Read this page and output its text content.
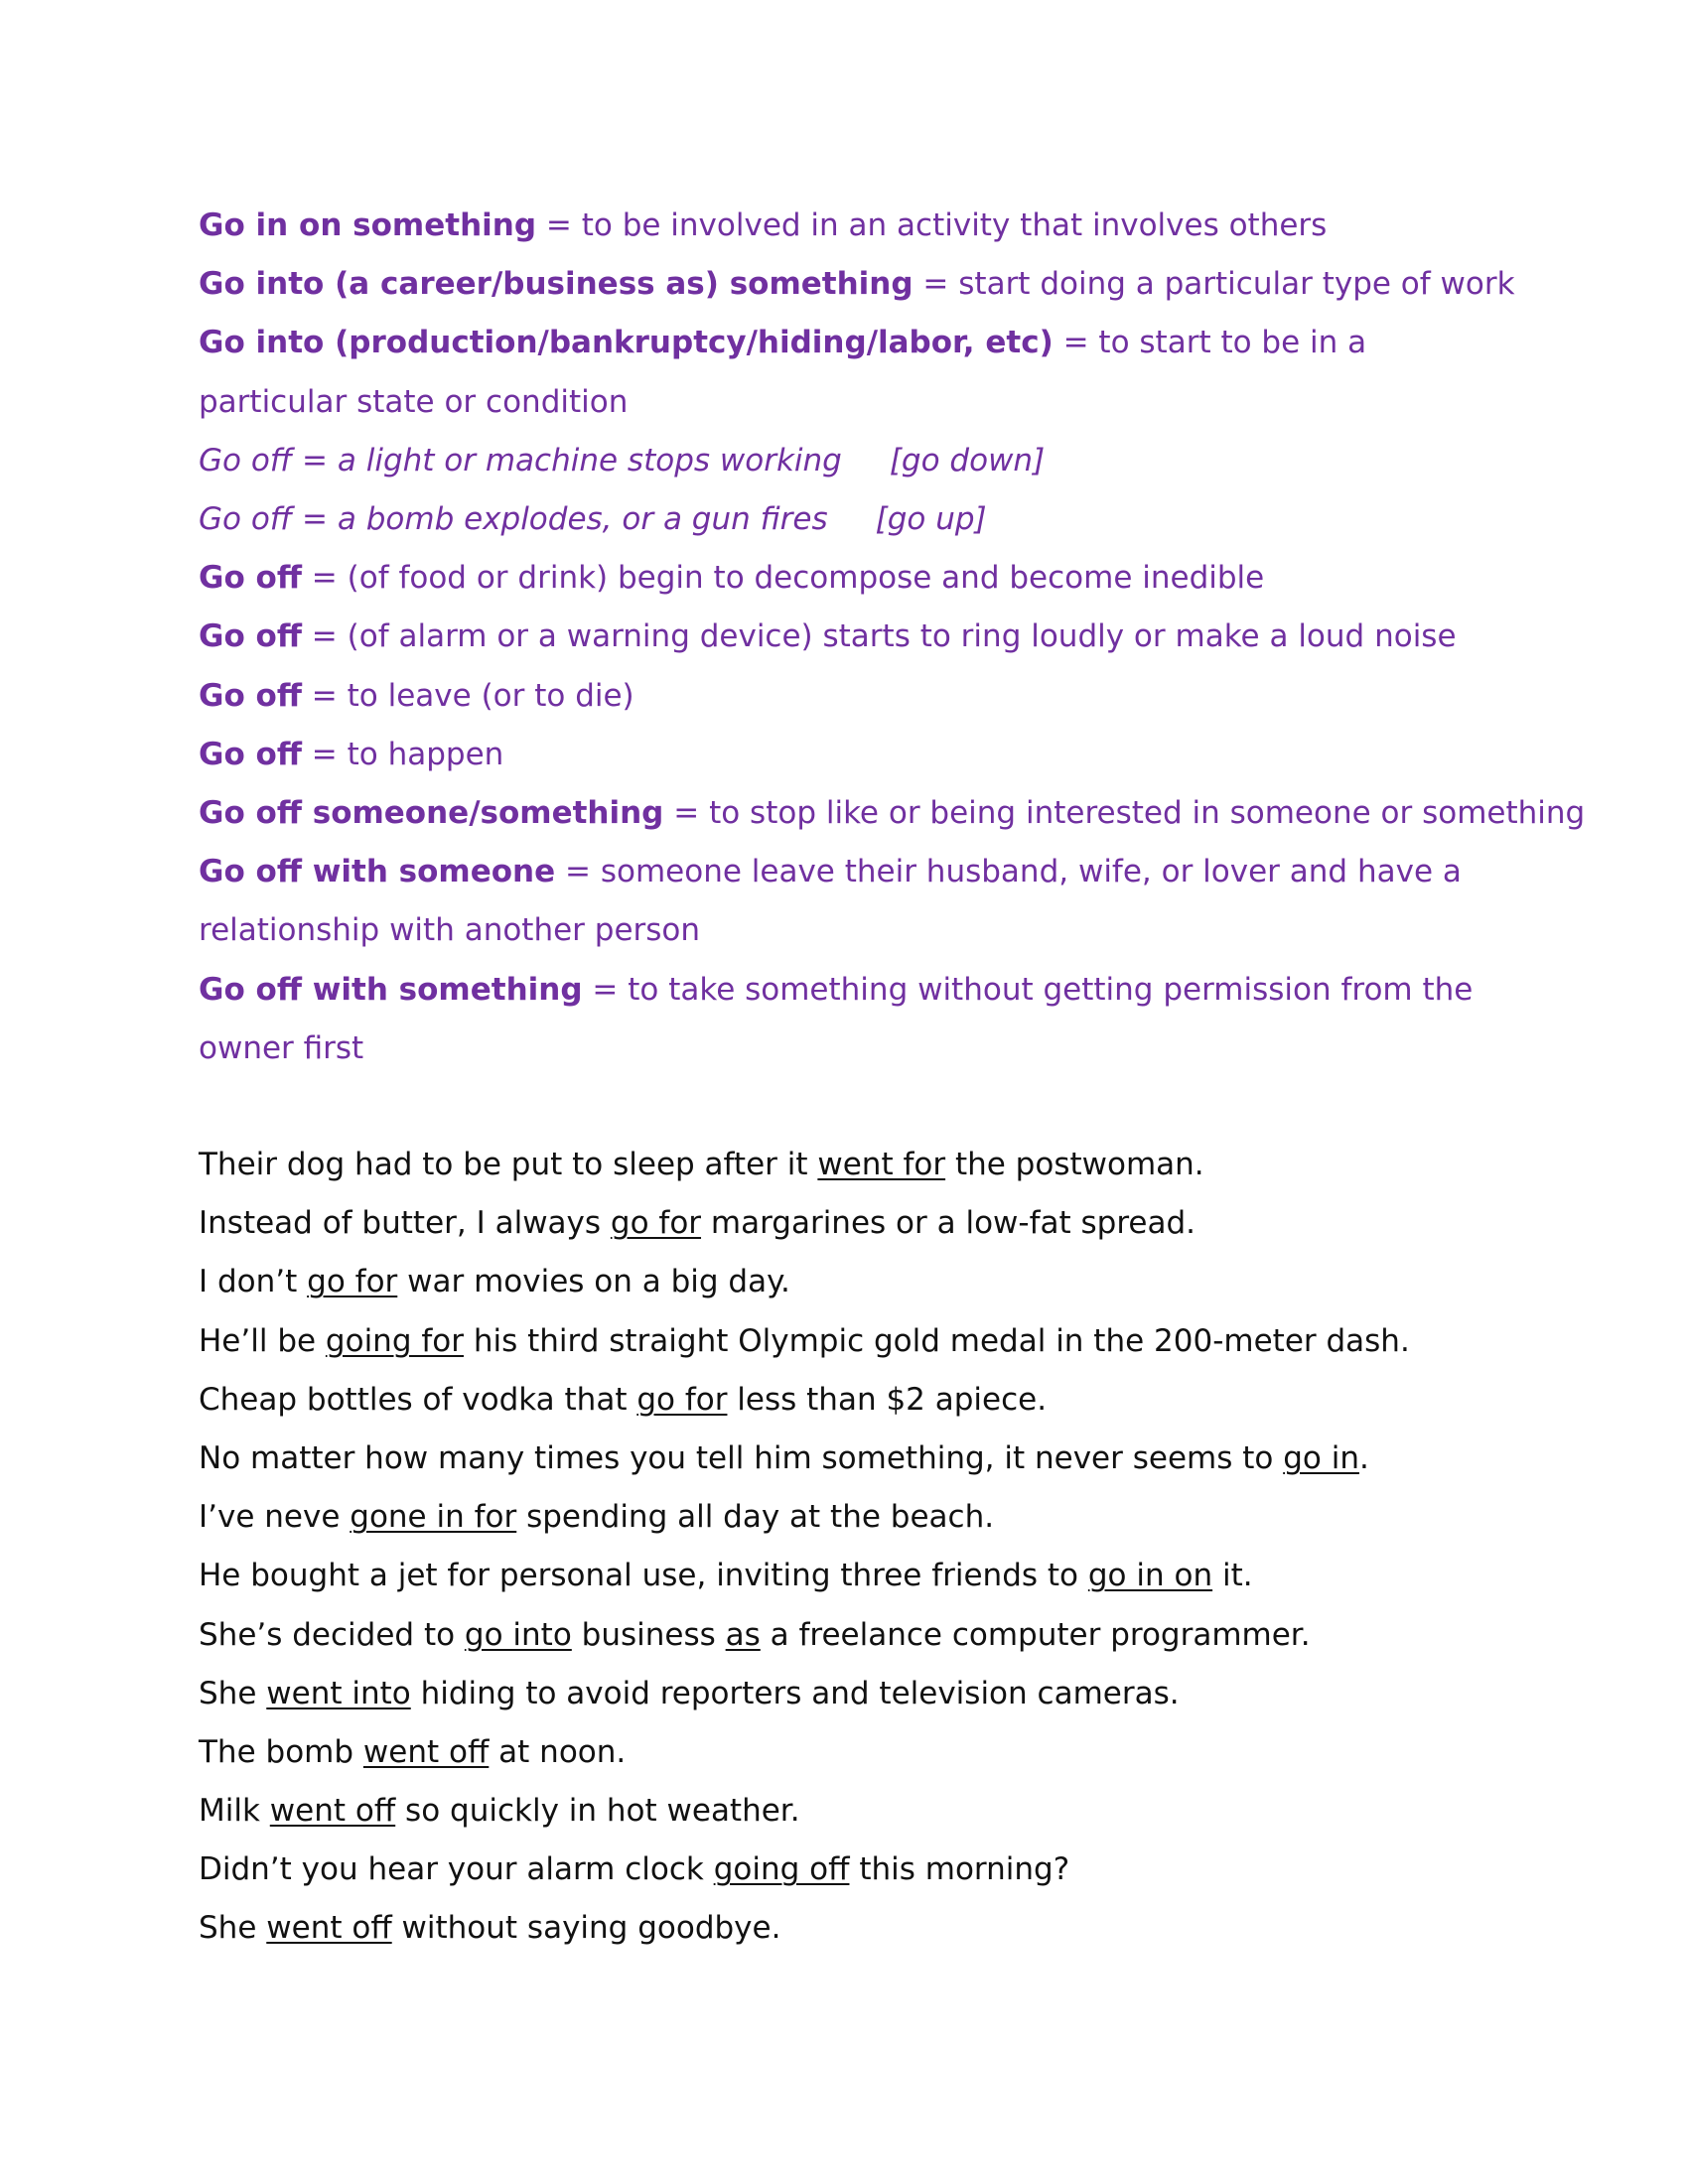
Go in on something = to be involved in an activity that involves others
Go into (a career/business as) something = start doing a particular type of work
Go into (production/bankruptcy/hiding/labor, etc) = to start to be in a particular state or condition
Go off = a light or machine stops working [go down]
Go off = a bomb explodes, or a gun fires [go up]
Go off = (of food or drink) begin to decompose and become inedible
Go off = (of alarm or a warning device) starts to ring loudly or make a loud noise
Go off = to leave (or to die)
Go off = to happen
Go off someone/something = to stop like or being interested in someone or something
Go off with someone = someone leave their husband, wife, or lover and have a relationship with another person
Go off with something = to take something without getting permission from the owner first
Their dog had to be put to sleep after it went for the postwoman.
Instead of butter, I always go for margarines or a low-fat spread.
I don’t go for war movies on a big day.
He’ll be going for his third straight Olympic gold medal in the 200-meter dash.
Cheap bottles of vodka that go for less than $2 apiece.
No matter how many times you tell him something, it never seems to go in.
I’ve neve gone in for spending all day at the beach.
He bought a jet for personal use, inviting three friends to go in on it.
She’s decided to go into business as a freelance computer programmer.
She went into hiding to avoid reporters and television cameras.
The bomb went off at noon.
Milk went off so quickly in hot weather.
Didn’t you hear your alarm clock going off this morning?
She went off without saying goodbye.
